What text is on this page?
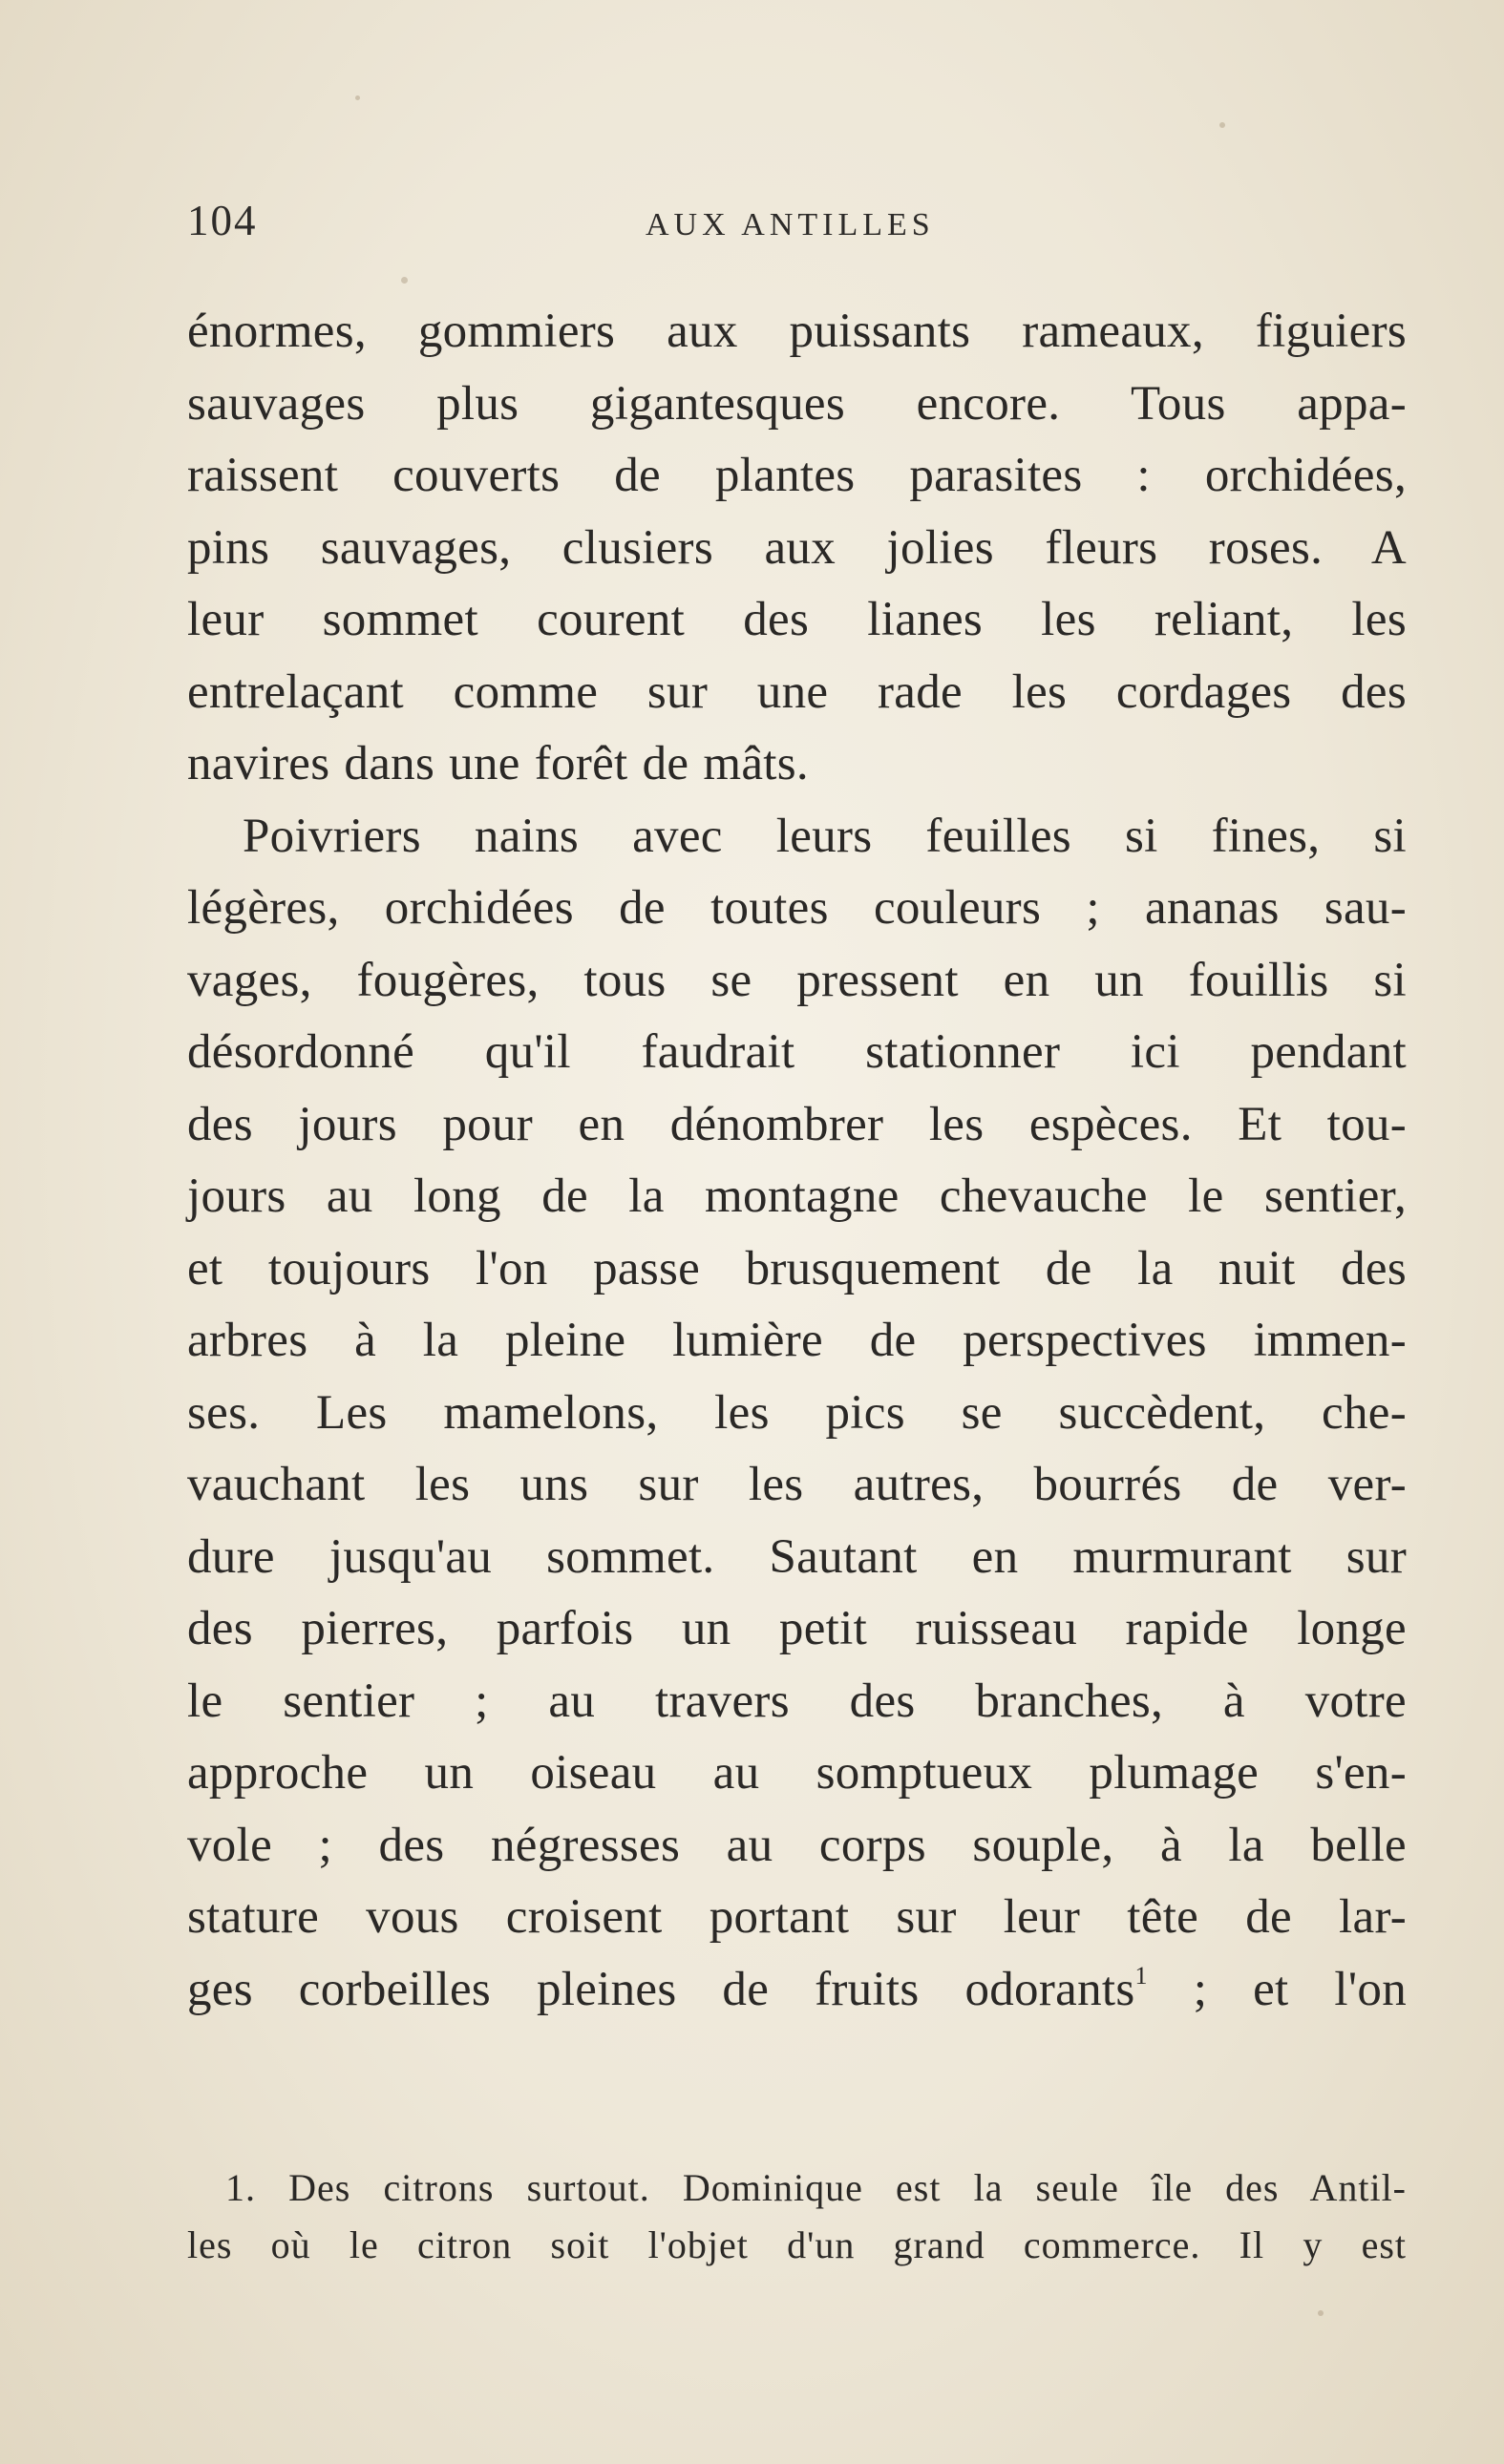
104	AUX ANTILLES
énormes, gommiers aux puissants rameaux, figuiers
sauvages plus gigantesques encore. Tous appa-
raissent couverts de plantes parasites : orchidées,
pins sauvages, clusiers aux jolies fleurs roses. A
leur sommet courent des lianes les reliant, les
entrelaçant comme sur une rade les cordages des
navires dans une forêt de mâts.
Poivriers nains avec leurs feuilles si fines, si
légères, orchidées de toutes couleurs ; ananas sau-
vages, fougères, tous se pressent en un fouillis si
désordonné qu'il faudrait stationner ici pendant
des jours pour en dénombrer les espèces. Et tou-
jours au long de la montagne chevauche le sentier,
et toujours l'on passe brusquement de la nuit des
arbres à la pleine lumière de perspectives immen-
ses. Les mamelons, les pics se succèdent, che-
vauchant les uns sur les autres, bourrés de ver-
dure jusqu'au sommet. Sautant en murmurant sur
des pierres, parfois un petit ruisseau rapide longe
le sentier ; au travers des branches, à votre
approche un oiseau au somptueux plumage s'en-
vole ; des négresses au corps souple, à la belle
stature vous croisent portant sur leur tête de lar-
ges corbeilles pleines de fruits odorants$^1$ ; et l'on
1. Des citrons surtout. Dominique est la seule île des Antil-
les où le citron soit l'objet d'un grand commerce. Il y est
